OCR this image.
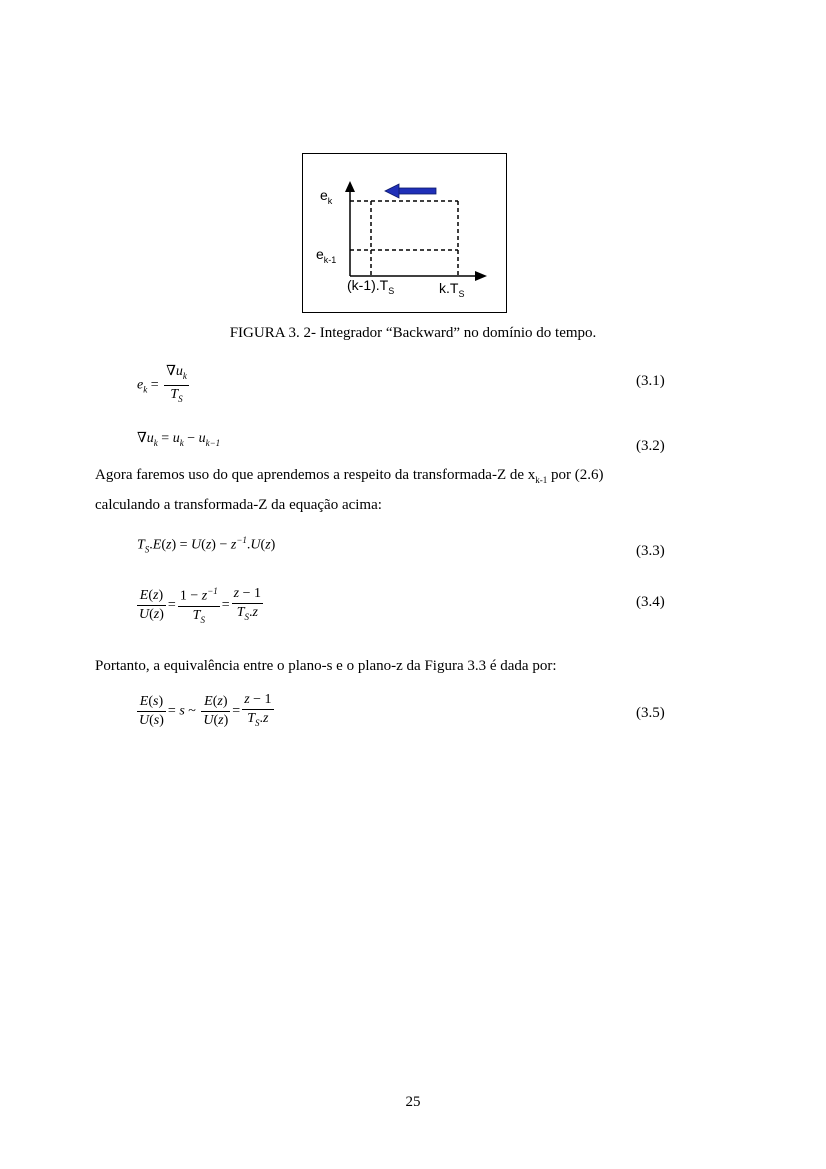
$e_k$
$e_{k-1}$
$(k-1).T_S$	$k.T_S$
FIGURA 3. 2- Integrador “Backward” no domínio do tempo.
$e_k = \frac{\nabla u_k}{T_S}$	(3.1)
$\nabla u_k = u_k - u_{k-1}$	(3.2)
Agora faremos uso do que aprendemos a respeito da transformada-Z de $x_{k-1}$ por (2.6)
calculando a transformada-Z da equação acima:
$T_S.E(z) = U(z) - z^{-1}.U(z)$	(3.3)
$\frac{E(z)}{U(z)} = \frac{1 - z^{-1}}{T_S} = \frac{z - 1}{T_S.z}$	(3.4)
Portanto, a equivalência entre o plano-s e o plano-z da Figura 3.3 é dada por:
$\frac{E(s)}{U(s)} = s$ ~ $\frac{E(z)}{U(z)} = \frac{z - 1}{T_S.z}$	(3.5)
25
